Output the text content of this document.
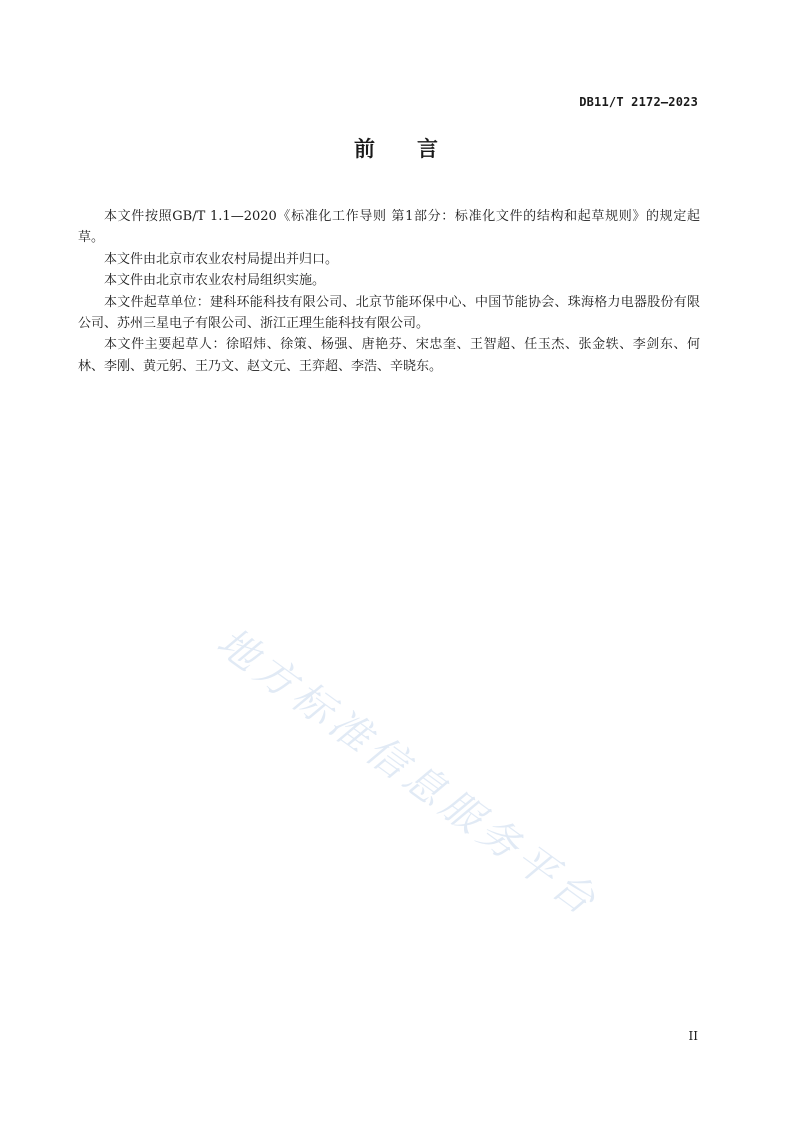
DB11/T 2172—2023
前 言

本文件按照GB/T 1.1—2020《标准化工作导则 第1部分：标准化文件的结构和起草规则》的规定起草。

本文件由北京市农业农村局提出并归口。

本文件由北京市农业农村局组织实施。

本文件起草单位：建科环能科技有限公司、北京节能环保中心、中国节能协会、珠海格力电器股份有限公司、苏州三星电子有限公司、浙江正理生能科技有限公司。

本文件主要起草人：徐昭炜、徐策、杨强、唐艳芬、宋忠奎、王智超、任玉杰、张金轶、李剑东、何林、李刚、黄元躬、王乃文、赵文元、王弈超、李浩、辛晓东。

地方标准信息服务平台
II
